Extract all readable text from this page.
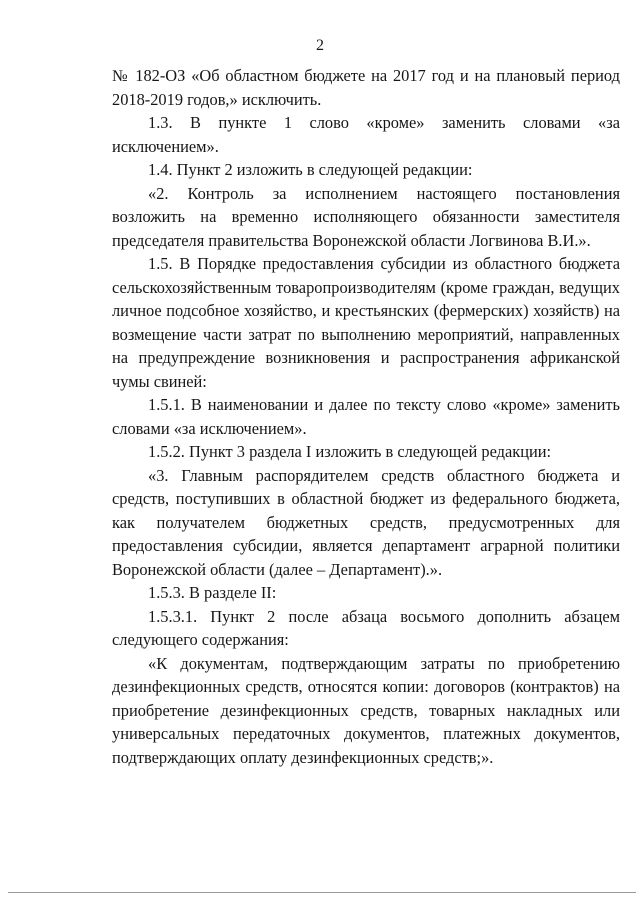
2

№ 182-ОЗ «Об областном бюджете на 2017 год и на плановый период 2018-2019 годов,» исключить.

1.3. В пункте 1 слово «кроме» заменить словами «за исключением».

1.4. Пункт 2 изложить в следующей редакции:

«2. Контроль за исполнением настоящего постановления возложить на временно исполняющего обязанности заместителя председателя правительства Воронежской области Логвинова В.И.».

1.5. В Порядке предоставления субсидии из областного бюджета сельскохозяйственным товаропроизводителям (кроме граждан, ведущих личное подсобное хозяйство, и крестьянских (фермерских) хозяйств) на возмещение части затрат по выполнению мероприятий, направленных на предупреждение возникновения и распространения африканской чумы свиней:

1.5.1. В наименовании и далее по тексту слово «кроме» заменить словами «за исключением».

1.5.2. Пункт 3 раздела I изложить в следующей редакции:

«3. Главным распорядителем средств областного бюджета и средств, поступивших в областной бюджет из федерального бюджета, как получателем бюджетных средств, предусмотренных для предоставления субсидии, является департамент аграрной политики Воронежской области (далее – Департамент).».

1.5.3. В разделе II:

1.5.3.1. Пункт 2 после абзаца восьмого дополнить абзацем следующего содержания:

«К документам, подтверждающим затраты по приобретению дезинфекционных средств, относятся копии: договоров (контрактов) на приобретение дезинфекционных средств, товарных накладных или универсальных передаточных документов, платежных документов, подтверждающих оплату дезинфекционных средств;».
